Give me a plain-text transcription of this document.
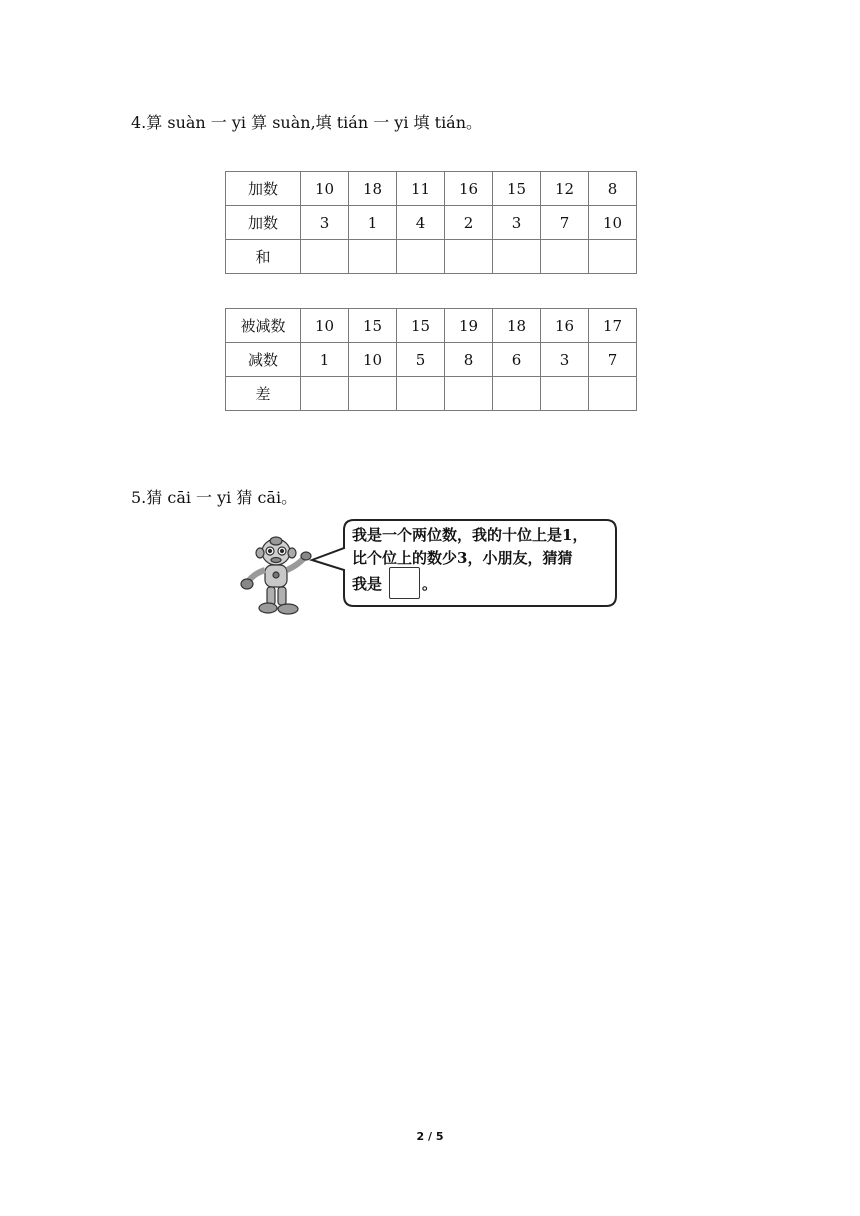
4.算 suàn 一 yi 算 suàn,填 tián 一 yi 填 tián。
加数	10	18	11	16	15	12	8
加数	3	1	4	2	3	7	10
和							
被减数	10	15	15	19	18	16	17
减数	1	10	5	8	6	3	7
差							
5.猜 cāi 一 yi 猜 cāi。
我是一个两位数，我的十位上是1，
比个位上的数少3，小朋友，猜猜
我是	。
2 / 5
